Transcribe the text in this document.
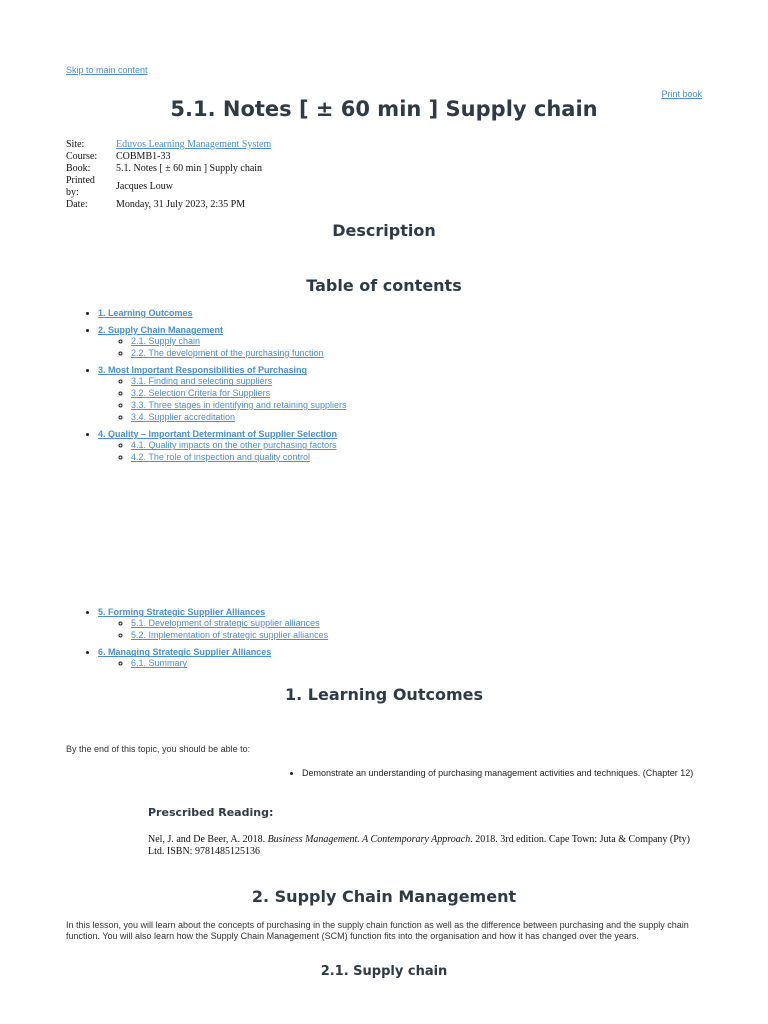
Skip to main content
Print book
5.1. Notes [ ± 60 min ] Supply chain
Site:	Eduvos Learning Management System
Course:	COBMB1-33
Book:	5.1. Notes [ ± 60 min ] Supply chain

Printed by:	Jacques Louw
Date:	Monday, 31 July 2023, 2:35 PM
Description
Table of contents
• 1. Learning Outcomes
• 2. Supply Chain Management
◦ 2.1. Supply chain
◦ 2.2. The development of the purchasing function
• 3. Most Important Responsibilities of Purchasing
◦ 3.1. Finding and selecting suppliers
◦ 3.2. Selection Criteria for Suppliers
◦ 3.3. Three stages in identifying and retaining suppliers
◦ 3.4. Supplier accreditation
• 4. Quality – Important Determinant of Supplier Selection
◦ 4.1. Quality impacts on the other purchasing factors
◦ 4.2. The role of inspection and quality control
• 5. Forming Strategic Supplier Alliances
◦ 5.1. Development of strategic supplier alliances
◦ 5.2. Implementation of strategic supplier alliances
• 6. Managing Strategic Supplier Alliances
◦ 6.1. Summary
1. Learning Outcomes

By the end of this topic, you should be able to:

• Demonstrate an understanding of purchasing management activities and techniques. (Chapter 12)

Prescribed Reading:

Nel, J. and De Beer, A. 2018. Business Management. A Contemporary Approach. 2018. 3rd edition. Cape Town: Juta & Company (Pty) Ltd. ISBN: 9781485125136

2. Supply Chain Management

In this lesson, you will learn about the concepts of purchasing in the supply chain function as well as the difference between purchasing and the supply chain function. You will also learn how the Supply Chain Management (SCM) function fits into the organisation and how it has changed over the years.

2.1. Supply chain
